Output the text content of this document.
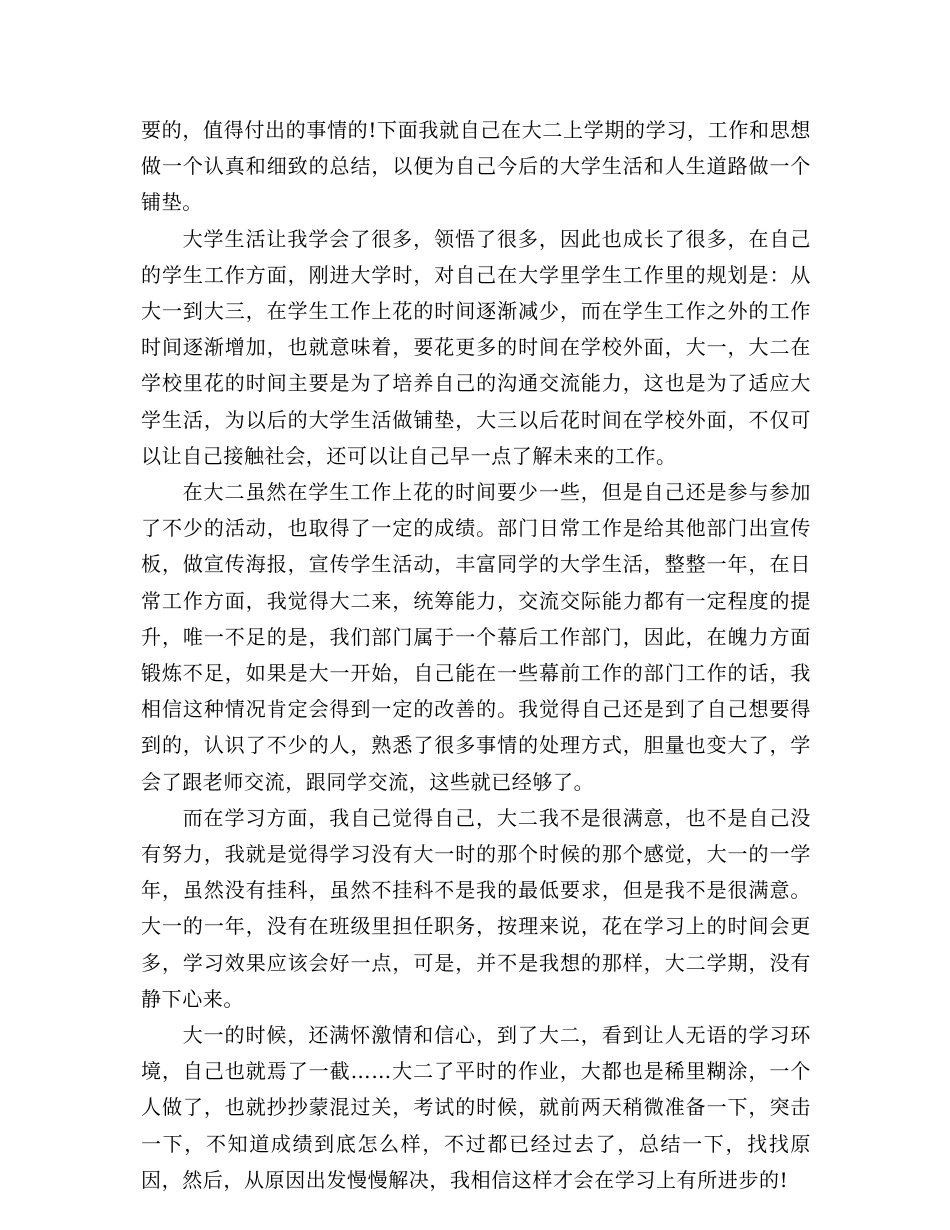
要的，值得付出的事情的!下面我就自己在大二上学期的学习，工作和思想做一个认真和细致的总结，以便为自己今后的大学生活和人生道路做一个铺垫。

大学生活让我学会了很多，领悟了很多，因此也成长了很多，在自己的学生工作方面，刚进大学时，对自己在大学里学生工作里的规划是：从大一到大三，在学生工作上花的时间逐渐减少，而在学生工作之外的工作时间逐渐增加，也就意味着，要花更多的时间在学校外面，大一，大二在学校里花的时间主要是为了培养自己的沟通交流能力，这也是为了适应大学生活，为以后的大学生活做铺垫，大三以后花时间在学校外面，不仅可以让自己接触社会，还可以让自己早一点了解未来的工作。

在大二虽然在学生工作上花的时间要少一些，但是自己还是参与参加了不少的活动，也取得了一定的成绩。部门日常工作是给其他部门出宣传板，做宣传海报，宣传学生活动，丰富同学的大学生活，整整一年，在日常工作方面，我觉得大二来，统筹能力，交流交际能力都有一定程度的提升，唯一不足的是，我们部门属于一个幕后工作部门，因此，在魄力方面锻炼不足，如果是大一开始，自己能在一些幕前工作的部门工作的话，我相信这种情况肯定会得到一定的改善的。我觉得自己还是到了自己想要得到的，认识了不少的人，熟悉了很多事情的处理方式，胆量也变大了，学会了跟老师交流，跟同学交流，这些就已经够了。

而在学习方面，我自己觉得自己，大二我不是很满意，也不是自己没有努力，我就是觉得学习没有大一时的那个时候的那个感觉，大一的一学年，虽然没有挂科，虽然不挂科不是我的最低要求，但是我不是很满意。 大一的一年，没有在班级里担任职务，按理来说，花在学习上的时间会更多，学习效果应该会好一点，可是，并不是我想的那样，大二学期，没有静下心来。

大一的时候，还满怀激情和信心，到了大二，看到让人无语的学习环境，自己也就焉了一截……大二了平时的作业，大都也是稀里糊涂，一个人做了，也就抄抄蒙混过关，考试的时候，就前两天稍微准备一下，突击一下，不知道成绩到底怎么样，不过都已经过去了，总结一下，找找原因，然后，从原因出发慢慢解决，我相信这样才会在学习上有所进步的!
